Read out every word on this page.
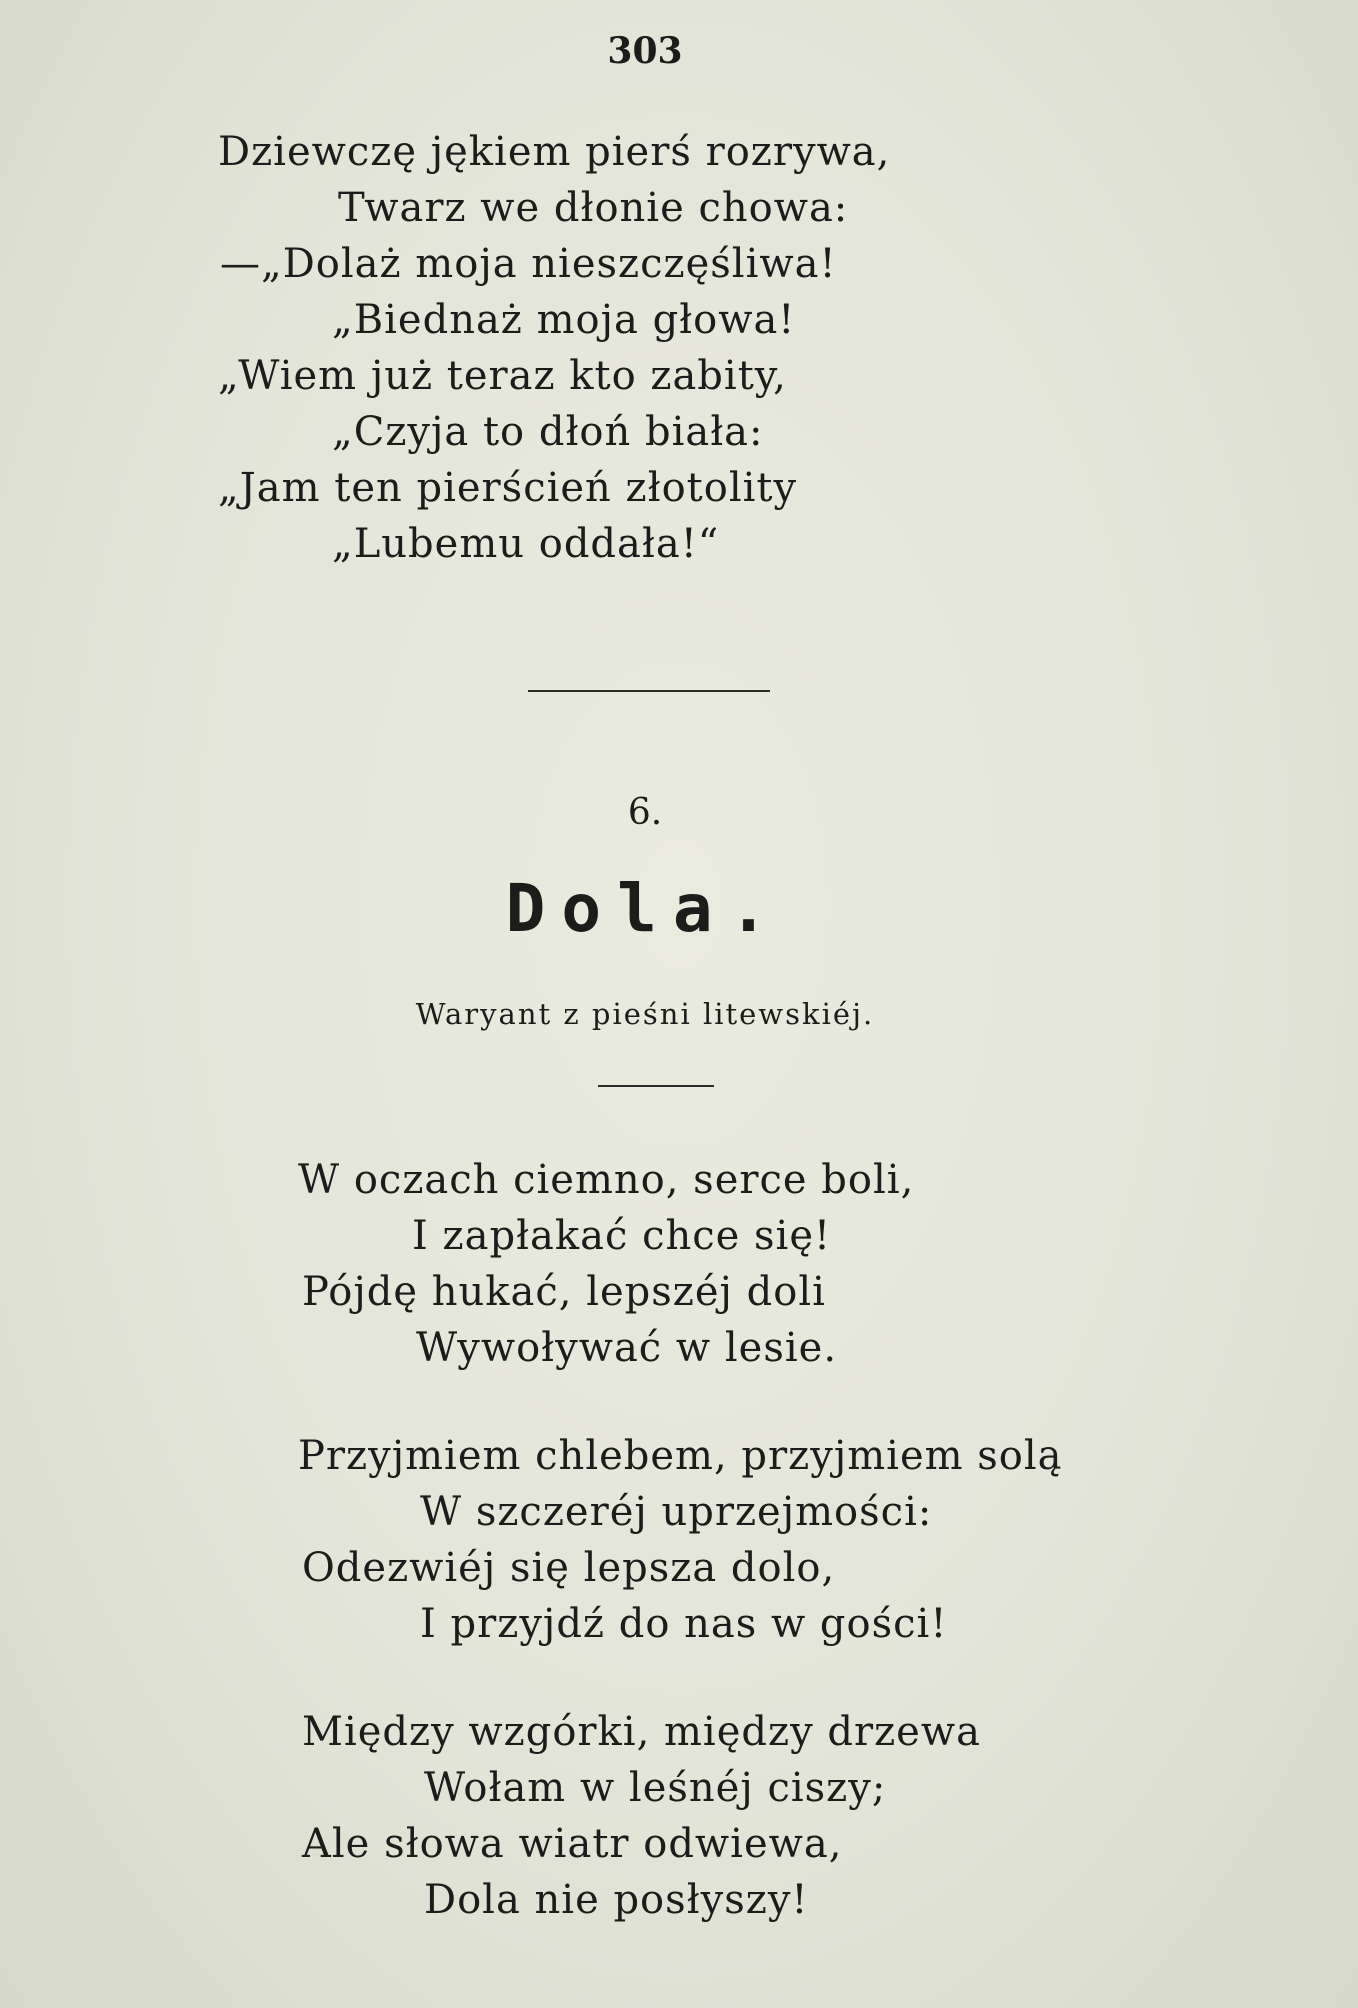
303
Dziewczę jękiem pierś rozrywa,
Twarz we dłonie chowa:
—„Dolaż moja nieszczęśliwa!
„Biednaż moja głowa!
„Wiem już teraz kto zabity,
„Czyja to dłoń biała:
„Jam ten pierścień złotolity
„Lubemu oddała!“
6.
Dola.
Waryant z pieśni litewskiéj.
W oczach ciemno, serce boli,
I zapłakać chce się!
Pójdę hukać, lepszéj doli
Wywoływać w lesie.
Przyjmiem chlebem, przyjmiem solą
W szczeréj uprzejmości:
Odezwiéj się lepsza dolo,
I przyjdź do nas w gości!
Między wzgórki, między drzewa
Wołam w leśnéj ciszy;
Ale słowa wiatr odwiewa,
Dola nie posłyszy!
